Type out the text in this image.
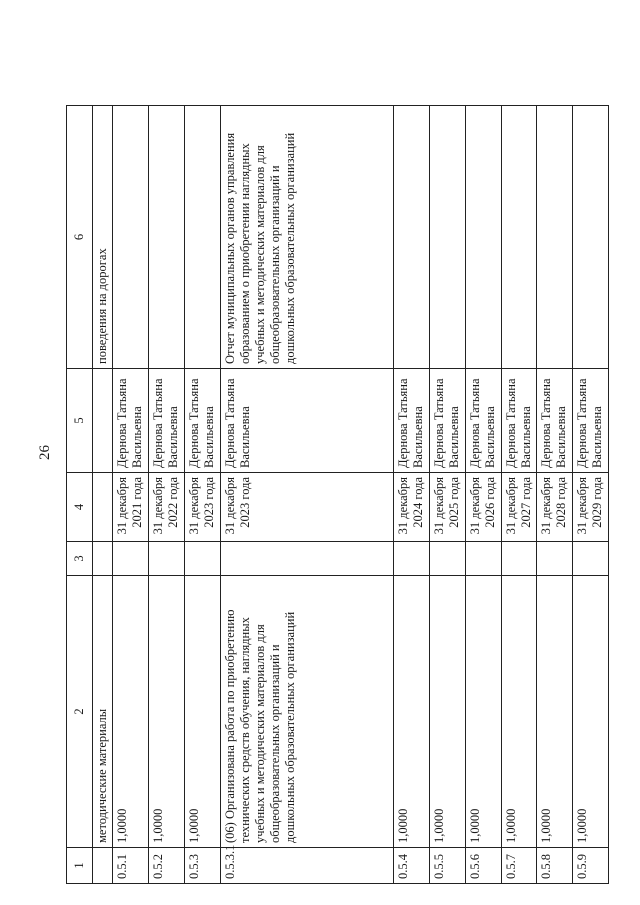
26
1	2	3	4	5	6
	методические материалы				поведения на дорогах
0.5.1	1,0000		31 декабря 2021 года	Дернова Татьяна Васильевна	
0.5.2	1,0000		31 декабря 2022 года	Дернова Татьяна Васильевна	
0.5.3	1,0000		31 декабря 2023 года	Дернова Татьяна Васильевна	
0.5.3.1	(06) Организована работа по приобретению технических средств обучения, наглядных учебных и методических материалов для общеобразовательных организаций и дошкольных образовательных организаций		31 декабря 2023 года	Дернова Татьяна Васильевна	Отчет муниципальных органов управления образованием о приобретении наглядных учебных и методических материалов для общеобразовательных организаций и дошкольных образовательных организаций
0.5.4	1,0000		31 декабря 2024 года	Дернова Татьяна Васильевна	
0.5.5	1,0000		31 декабря 2025 года	Дернова Татьяна Васильевна	
0.5.6	1,0000		31 декабря 2026 года	Дернова Татьяна Васильевна	
0.5.7	1,0000		31 декабря 2027 года	Дернова Татьяна Васильевна	
0.5.8	1,0000		31 декабря 2028 года	Дернова Татьяна Васильевна	
0.5.9	1,0000		31 декабря 2029 года	Дернова Татьяна Васильевна	
